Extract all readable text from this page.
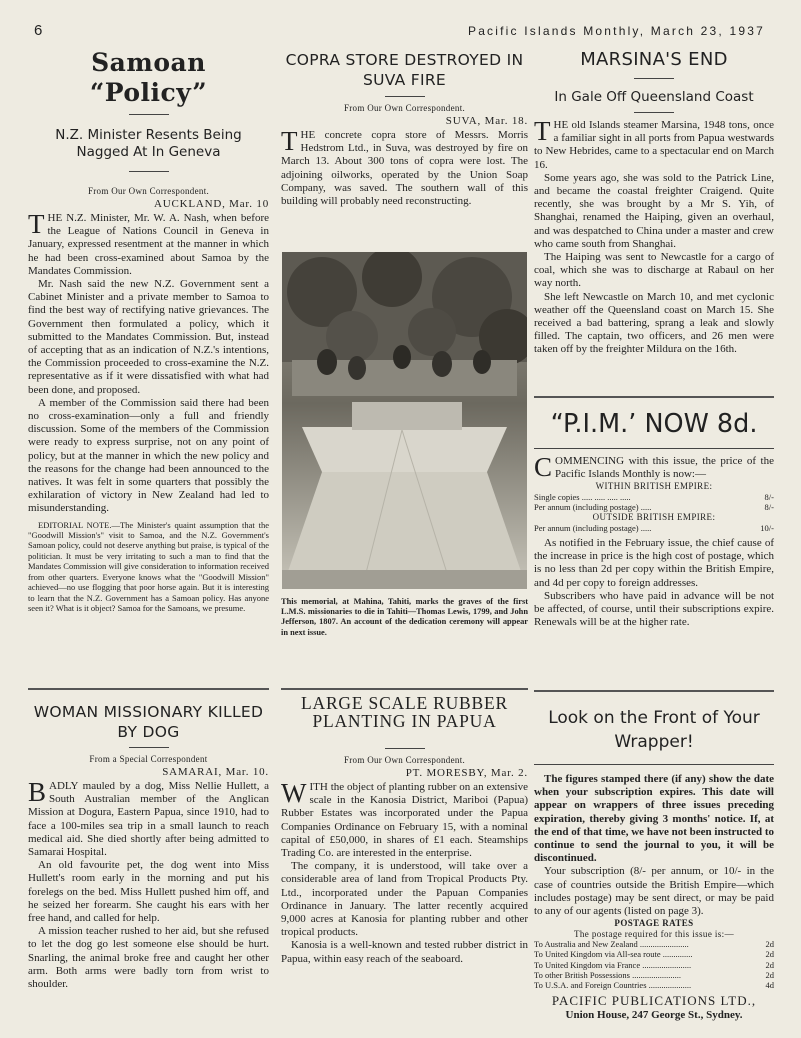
6	Pacific Islands Monthly, March 23, 1937
Samoan “Policy”
N.Z. Minister Resents Being Nagged At In Geneva
From Our Own Correspondent.
AUCKLAND, Mar. 10

THE N.Z. Minister, Mr. W. A. Nash, when before the League of Nations Council in Geneva in January, expressed resentment at the manner in which he had been cross-examined about Samoa by the Mandates Commission.

Mr. Nash said the new N.Z. Government sent a Cabinet Minister and a private member to Samoa to find the best way of rectifying native grievances. The Government then formulated a policy, which it submitted to the Mandates Commission. But, instead of accepting that as an indication of N.Z.'s intentions, the Commission proceeded to cross-examine the N.Z. representative as if it were dissatisfied with what had been done, and proposed.

A member of the Commission said there had been no cross-examination—only a full and friendly discussion. Some of the members of the Commission were ready to express surprise, not on any point of policy, but at the manner in which the new policy and the reasons for the change had been announced to the natives. It was felt in some quarters that possibly the exhilaration of victory in New Zealand had led to misunderstanding.

EDITORIAL NOTE.—The Minister's quaint assumption that the "Goodwill Mission's" visit to Samoa, and the N.Z. Government's Samoan policy, could not deserve anything but praise, is typical of the politician. It must be very irritating to such a man to find that the Mandates Commission will give consideration to information received from other quarters. Everyone knows what the "Goodwill Mission" achieved—no use flogging that poor horse again. But it is interesting to learn that the N.Z. Government has a Samoan policy. Has anyone seen it? What is it object? Samoa for the Samoans, we presume.

WOMAN MISSIONARY KILLED BY DOG
From a Special Correspondent
SAMARAI, Mar. 10.

BADLY mauled by a dog, Miss Nellie Hullett, a South Australian member of the Anglican Mission at Dogura, Eastern Papua, since 1910, had to face a 100-miles sea trip in a small launch to reach medical aid. She died shortly after being admitted to Samarai Hospital.

An old favourite pet, the dog went into Miss Hullett's room early in the morning and put his forelegs on the bed. Miss Hullett pushed him off, and he seized her forearm. She caught his ears with her free hand, and called for help.

A mission teacher rushed to her aid, but she refused to let the dog go lest someone else should be hurt. Snarling, the animal broke free and caught her other arm. Both arms were badly torn from wrist to shoulder.

COPRA STORE DESTROYED IN SUVA FIRE
From Our Own Correspondent.
SUVA, Mar. 18.

THE concrete copra store of Messrs. Morris Hedstrom Ltd., in Suva, was destroyed by fire on March 13. About 300 tons of copra were lost. The adjoining oilworks, operated by the Union Soap Company, was saved. The southern wall of this building will probably need reconstructing.

This memorial, at Mahina, Tahiti, marks the graves of the first L.M.S. missionaries to die in Tahiti—Thomas Lewis, 1799, and John Jefferson, 1807. An account of the dedication ceremony will appear in next issue.

LARGE SCALE RUBBER PLANTING IN PAPUA
From Our Own Correspondent.
PT. MORESBY, Mar. 2.

WITH the object of planting rubber on an extensive scale in the Kanosia District, Mariboi (Papua) Rubber Estates was incorporated under the Papua Companies Ordinance on February 15, with a nominal capital of £50,000, in shares of £1 each. Steamships Trading Co. are interested in the enterprise.

The company, it is understood, will take over a considerable area of land from Tropical Products Pty. Ltd., incorporated under the Papuan Companies Ordinance in January. The latter recently acquired 9,000 acres at Kanosia for planting rubber and other tropical products.

Kanosia is a well-known and tested rubber district in Papua, within easy reach of the seaboard.

MARSINA'S END
In Gale Off Queensland Coast

THE old Islands steamer Marsina, 1948 tons, once a familiar sight in all ports from Papua westwards to New Hebrides, came to a spectacular end on March 16.

Some years ago, she was sold to the Patrick Line, and became the coastal freighter Craigend. Quite recently, she was brought by a Mr S. Yih, of Shanghai, renamed the Haiping, given an overhaul, and was despatched to China under a master and crew who came south from Shanghai.

The Haiping was sent to Newcastle for a cargo of coal, which she was to discharge at Rabaul on her way north.

She left Newcastle on March 10, and met cyclonic weather off the Queensland coast on March 15. She received a bad battering, sprang a leak and slowly filled. The captain, two officers, and 26 men were taken off by the freighter Mildura on the 16th.

“P.I.M.’ NOW 8d.

COMMENCING with this issue, the price of the Pacific Islands Monthly is now:—

WITHIN BRITISH EMPIRE:
Single copies ..... ..... ..... .....	8/-
Per annum (including postage) .....	8/-
OUTSIDE BRITISH EMPIRE:
Per annum (including postage) .....	10/-

As notified in the February issue, the chief cause of the increase in price is the high cost of postage, which is no less than 2d per copy within the British Empire, and 4d per copy to foreign addresses.

Subscribers who have paid in advance will be not be affected, of course, until their subscriptions expire. Renewals will be at the higher rate.

Look on the Front of Your Wrapper!

The figures stamped there (if any) show the date when your subscription expires. This date will appear on wrappers of three issues preceding expiration, thereby giving 3 months' notice. If, at the end of that time, we have not been instructed to continue to send the journal to you, it will be discontinued.

Your subscription (8/- per annum, or 10/- in the case of countries outside the British Empire—which includes postage) may be sent direct, or may be paid to any of our agents (listed on page 3).

POSTAGE RATES
The postage required for this issue is:—
To Australia and New Zealand .......................	2d
To United Kingdom via All-sea route ..............	2d
To United Kingdom via France .......................	2d
To other British Possessions .......................	2d
To U.S.A. and Foreign Countries ....................	4d
PACIFIC PUBLICATIONS LTD.,
Union House, 247 George St., Sydney.
